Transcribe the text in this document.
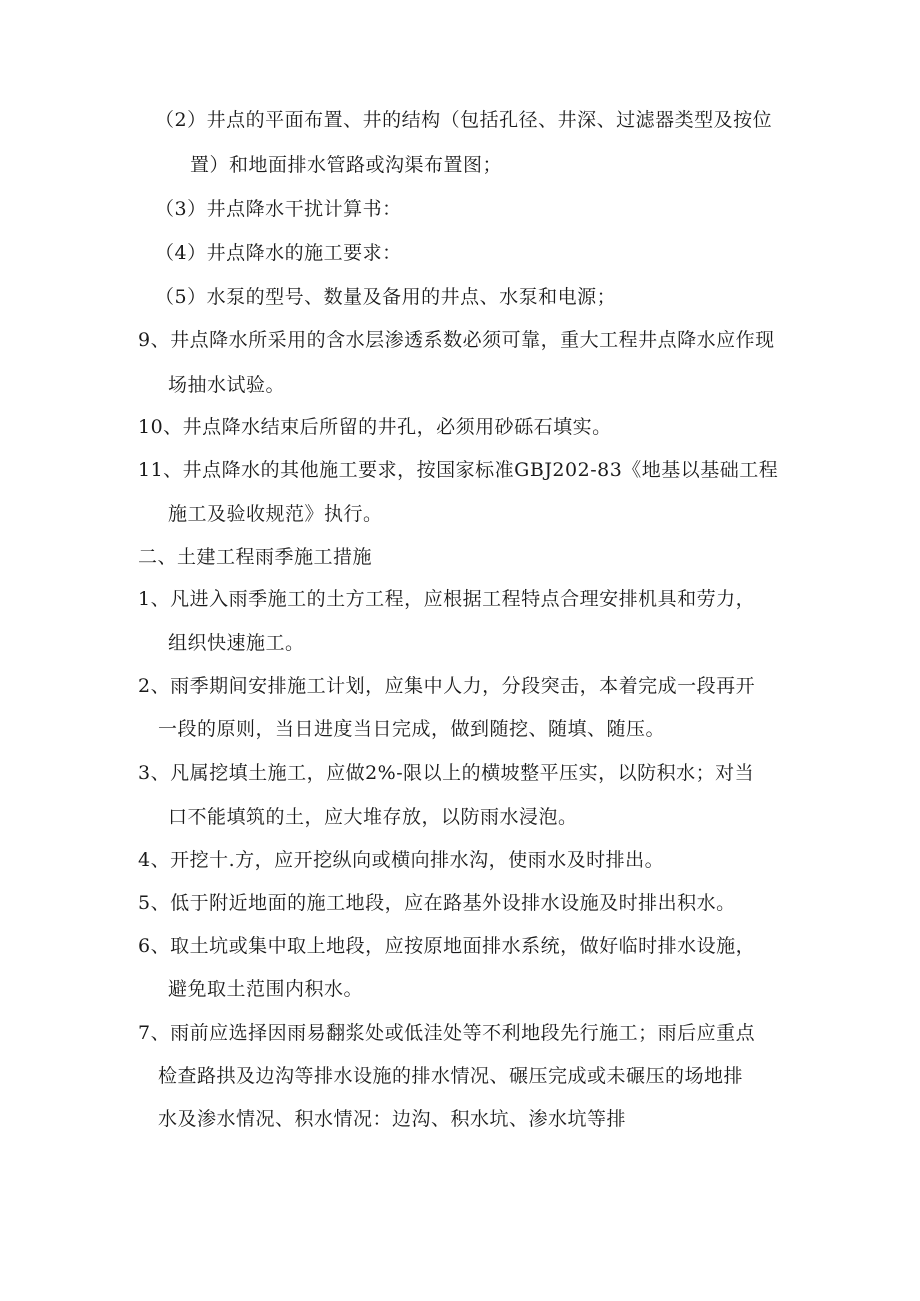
（2）井点的平面布置、井的结构（包括孔径、井深、过滤器类型及按位
置）和地面排水管路或沟渠布置图；
（3）井点降水干扰计算书：
（4）井点降水的施工要求：
（5）水泵的型号、数量及备用的井点、水泵和电源；
9、井点降水所采用的含水层渗透系数必须可靠，重大工程井点降水应作现
场抽水试验。
10、井点降水结束后所留的井孔，必须用砂砾石填实。
11、井点降水的其他施工要求，按国家标准GBJ202-83《地基以基础工程
施工及验收规范》执行。
二、土建工程雨季施工措施
1、凡进入雨季施工的土方工程，应根据工程特点合理安排机具和劳力，
组织快速施工。
2、雨季期间安排施工计划，应集中人力，分段突击，本着完成一段再开
一段的原则，当日进度当日完成，做到随挖、随填、随压。
3、凡属挖填土施工，应做2%-限以上的横坡整平压实，以防积水；对当
口不能填筑的土，应大堆存放，以防雨水浸泡。
4、开挖十.方，应开挖纵向或横向排水沟，使雨水及时排出。
5、低于附近地面的施工地段，应在路基外设排水设施及时排出积水。
6、取土坑或集中取上地段，应按原地面排水系统，做好临时排水设施，
避免取土范围内积水。
7、雨前应选择因雨易翻浆处或低洼处等不利地段先行施工；雨后应重点
检查路拱及边沟等排水设施的排水情况、碾压完成或未碾压的场地排
水及渗水情况、积水情况：边沟、积水坑、渗水坑等排
